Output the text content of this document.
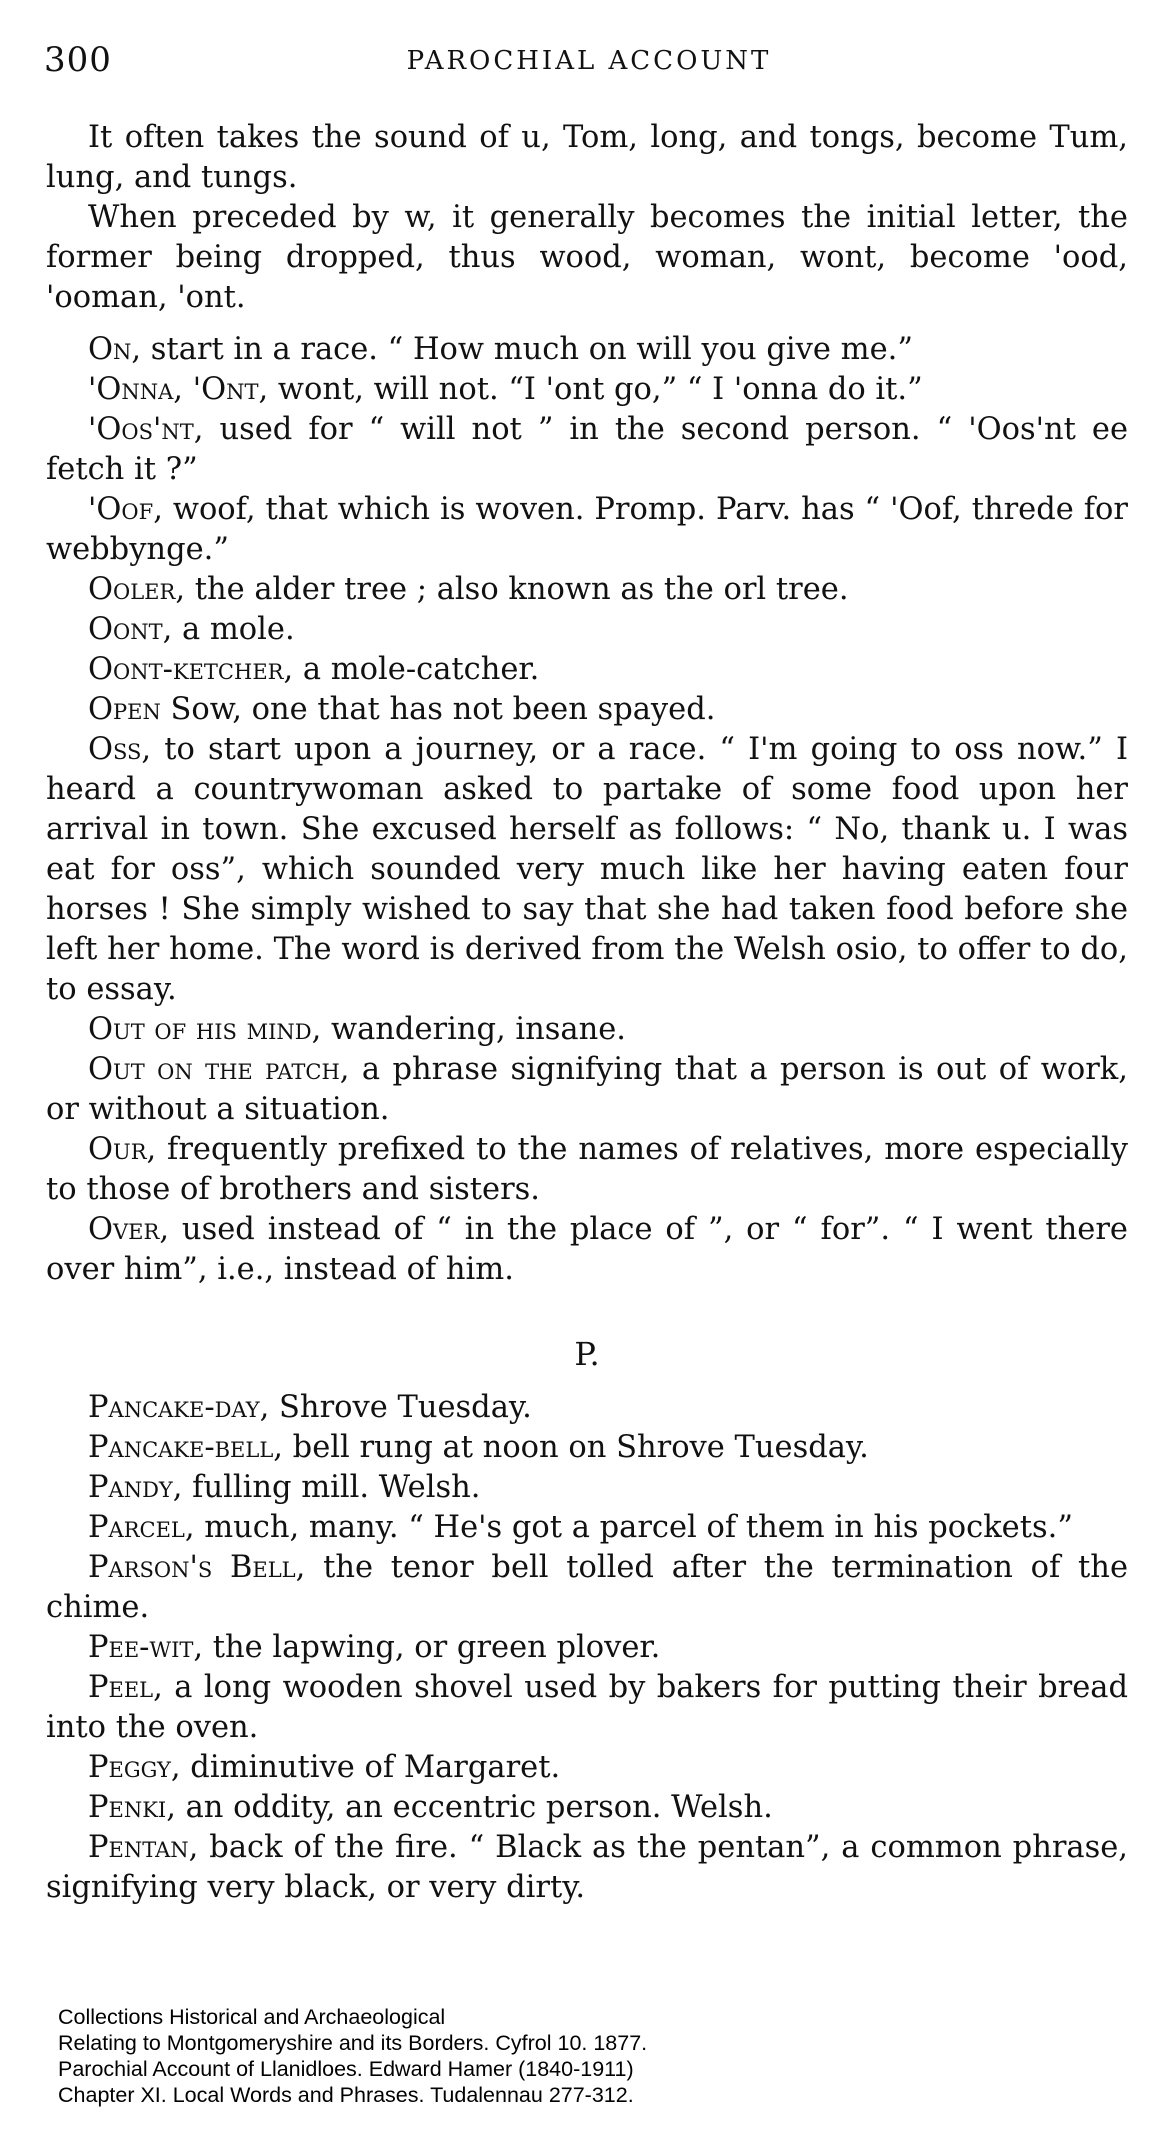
300	PAROCHIAL ACCOUNT

It often takes the sound of u, Tom, long, and tongs, become Tum, lung, and tungs.

When preceded by w, it generally becomes the initial letter, the former being dropped, thus wood, woman, wont, become 'ood, 'ooman, 'ont.

On, start in a race. “ How much on will you give me.”

'Onna, 'Ont, wont, will not. “I 'ont go,” “ I 'onna do it.”

'Oos'nt, used for “ will not ” in the second person. “ 'Oos'nt ee fetch it ?”

'Oof, woof, that which is woven. Promp. Parv. has “ 'Oof, threde for webbynge.”

Ooler, the alder tree ; also known as the orl tree.

Oont, a mole.

Oont-ketcher, a mole-catcher.

Open Sow, one that has not been spayed.

Oss, to start upon a journey, or a race. “ I'm going to oss now.” I heard a countrywoman asked to partake of some food upon her arrival in town. She excused herself as follows: “ No, thank u. I was eat for oss”, which sounded very much like her having eaten four horses ! She simply wished to say that she had taken food before she left her home. The word is derived from the Welsh osio, to offer to do, to essay.

Out of his mind, wandering, insane.

Out on the patch, a phrase signifying that a person is out of work, or without a situation.

Our, frequently prefixed to the names of relatives, more especially to those of brothers and sisters.

Over, used instead of “ in the place of ”, or “ for”. “ I went there over him”, i.e., instead of him.

P.

Pancake-day, Shrove Tuesday.

Pancake-bell, bell rung at noon on Shrove Tuesday.

Pandy, fulling mill. Welsh.

Parcel, much, many. “ He's got a parcel of them in his pockets.”

Parson's Bell, the tenor bell tolled after the termination of the chime.

Pee-wit, the lapwing, or green plover.

Peel, a long wooden shovel used by bakers for putting their bread into the oven.

Peggy, diminutive of Margaret.

Penki, an oddity, an eccentric person. Welsh.

Pentan, back of the fire. “ Black as the pentan”, a common phrase, signifying very black, or very dirty.

Collections Historical and Archaeological
Relating to Montgomeryshire and its Borders. Cyfrol 10. 1877.
Parochial Account of Llanidloes. Edward Hamer (1840-1911)
Chapter XI. Local Words and Phrases. Tudalennau 277-312.
